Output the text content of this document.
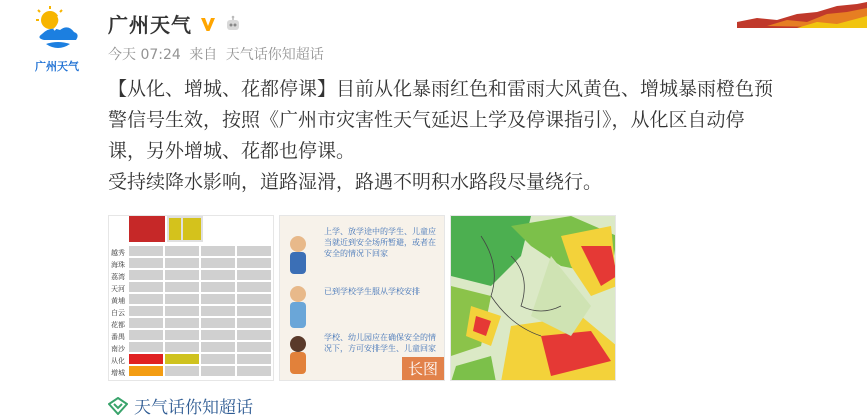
广州天气
广州天气
今天 07:24 来自 天气话你知超话

【从化、增城、花都停课】目前从化暴雨红色和雷雨大风黄色、增城暴雨橙色预

警信号生效，按照《广州市灾害性天气延迟上学及停课指引》，从化区自动停

课，另外增城、花都也停课。

受持续降水影响，道路湿滑，路遇不明积水路段尽量绕行。

越秀
海珠
荔湾
天河
黄埔
白云
花都
番禺
南沙
从化
增城
上学、放学途中的学生、儿童应当就近到安全场所暂避，或者在安全的情况下回家
已到学校学生服从学校安排
学校、幼儿园应在确保安全的情况下，方可安排学生、儿童回家
长图
天气话你知超话
